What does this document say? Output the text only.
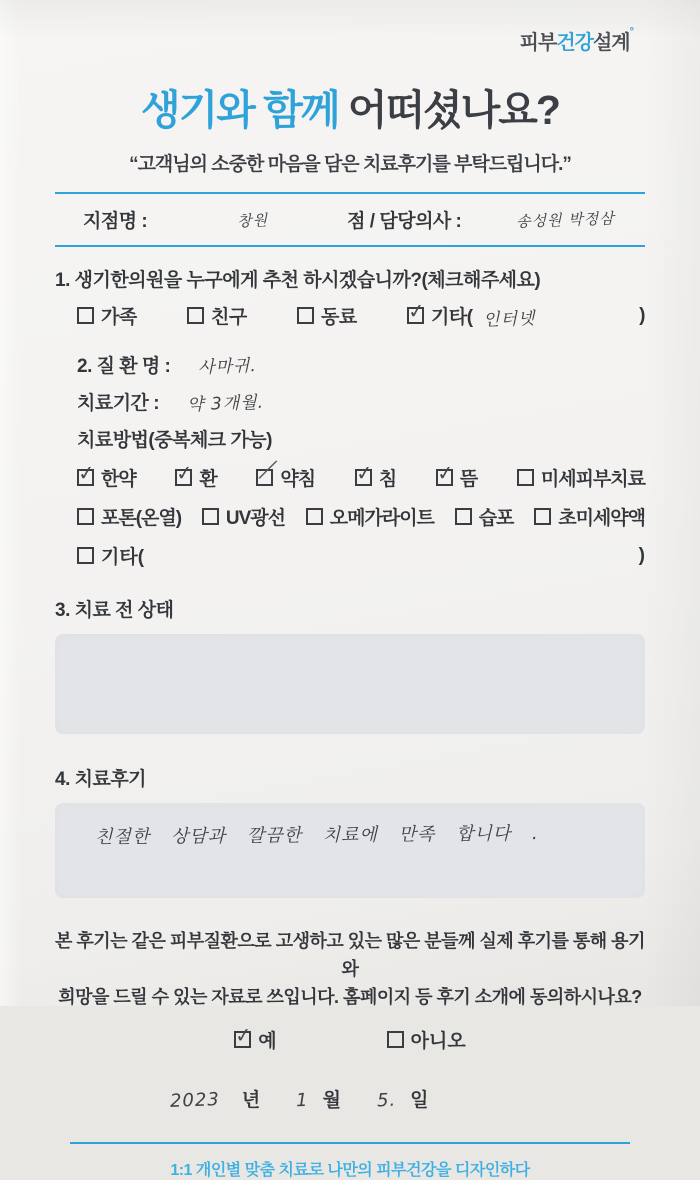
피부건강설계°
생기와 함께 어떠셨나요?
“고객님의 소중한 마음을 담은 치료후기를 부탁드립니다.”
지점명 :	창원	점 / 담당의사 :	송성원 박정삼
1. 생기한의원을 누구에게 추천 하시겠습니까?(체크해주세요)
가족	친구	동료 ✓	기타( 인터넷	)
2. 질 환 명 : 사마귀.
치료기간 : 약 3개월.
치료방법(중복체크 가능)
✓
한약 ✓	환 ╱	약침 ✓	침 ✓	뜸	미세피부치료
포톤(온열) UV광선 오메가라이트 습포 초미세약액
기타(	)
3. 치료 전 상태
4. 치료후기
친절한 상담과 깔끔한 치료에 만족 합니다 .
본 후기는 같은 피부질환으로 고생하고 있는 많은 분들께 실제 후기를 통해 용기와
희망을 드릴 수 있는 자료로 쓰입니다. 홈페이지 등 후기 소개에 동의하시나요?
✓
예	아니오
2023 년 1 월 5. 일
1:1 개인별 맞춤 치료로 나만의 피부건강을 디자인하다
